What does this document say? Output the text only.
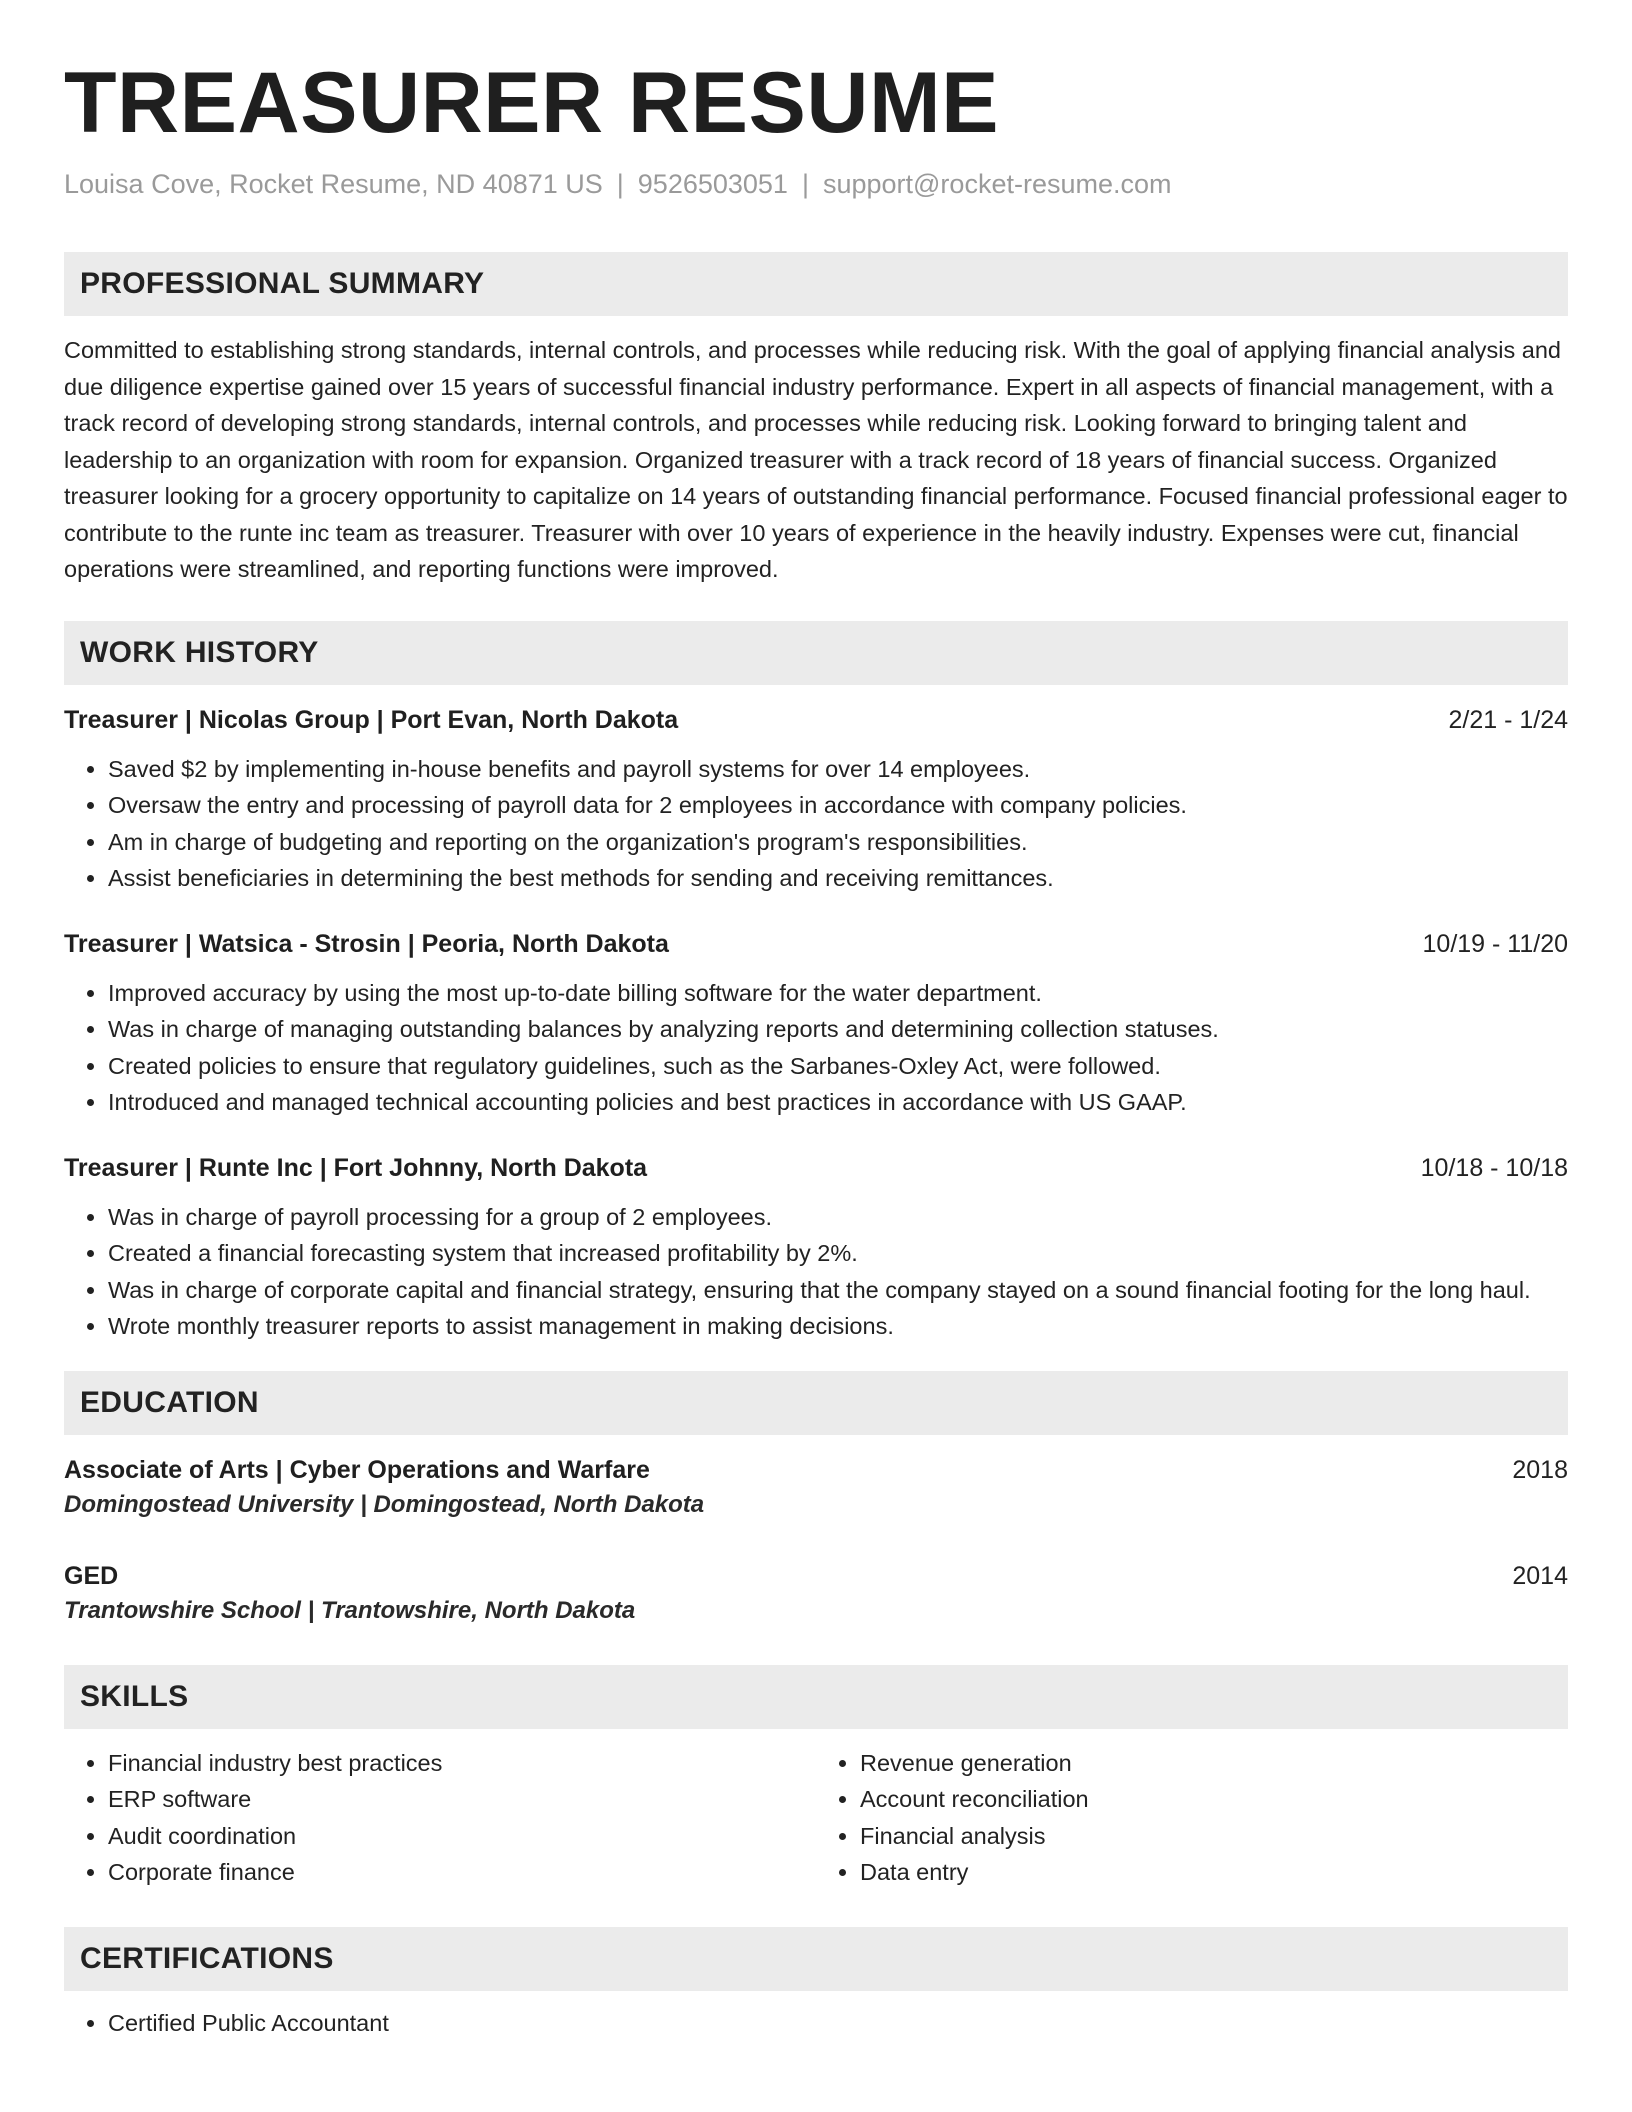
TREASURER RESUME
Louisa Cove, Rocket Resume, ND 40871 US | 9526503051 | support@rocket-resume.com
PROFESSIONAL SUMMARY
Committed to establishing strong standards, internal controls, and processes while reducing risk. With the goal of applying financial analysis and due diligence expertise gained over 15 years of successful financial industry performance. Expert in all aspects of financial management, with a track record of developing strong standards, internal controls, and processes while reducing risk. Looking forward to bringing talent and leadership to an organization with room for expansion. Organized treasurer with a track record of 18 years of financial success. Organized treasurer looking for a grocery opportunity to capitalize on 14 years of outstanding financial performance. Focused financial professional eager to contribute to the runte inc team as treasurer. Treasurer with over 10 years of experience in the heavily industry. Expenses were cut, financial operations were streamlined, and reporting functions were improved.
WORK HISTORY
Treasurer | Nicolas Group | Port Evan, North Dakota	2/21 - 1/24
• Saved $2 by implementing in-house benefits and payroll systems for over 14 employees.
• Oversaw the entry and processing of payroll data for 2 employees in accordance with company policies.
• Am in charge of budgeting and reporting on the organization's program's responsibilities.
• Assist beneficiaries in determining the best methods for sending and receiving remittances.
Treasurer | Watsica - Strosin | Peoria, North Dakota	10/19 - 11/20
• Improved accuracy by using the most up-to-date billing software for the water department.
• Was in charge of managing outstanding balances by analyzing reports and determining collection statuses.
• Created policies to ensure that regulatory guidelines, such as the Sarbanes-Oxley Act, were followed.
• Introduced and managed technical accounting policies and best practices in accordance with US GAAP.
Treasurer | Runte Inc | Fort Johnny, North Dakota	10/18 - 10/18
• Was in charge of payroll processing for a group of 2 employees.
• Created a financial forecasting system that increased profitability by 2%.
• Was in charge of corporate capital and financial strategy, ensuring that the company stayed on a sound financial footing for the long haul.
• Wrote monthly treasurer reports to assist management in making decisions.
EDUCATION
Associate of Arts | Cyber Operations and Warfare	2018
Domingostead University | Domingostead, North Dakota
GED	2014
Trantowshire School | Trantowshire, North Dakota
SKILLS
• Financial industry best practices
• ERP software
• Audit coordination
• Corporate finance
• Revenue generation
• Account reconciliation
• Financial analysis
• Data entry
CERTIFICATIONS
• Certified Public Accountant
